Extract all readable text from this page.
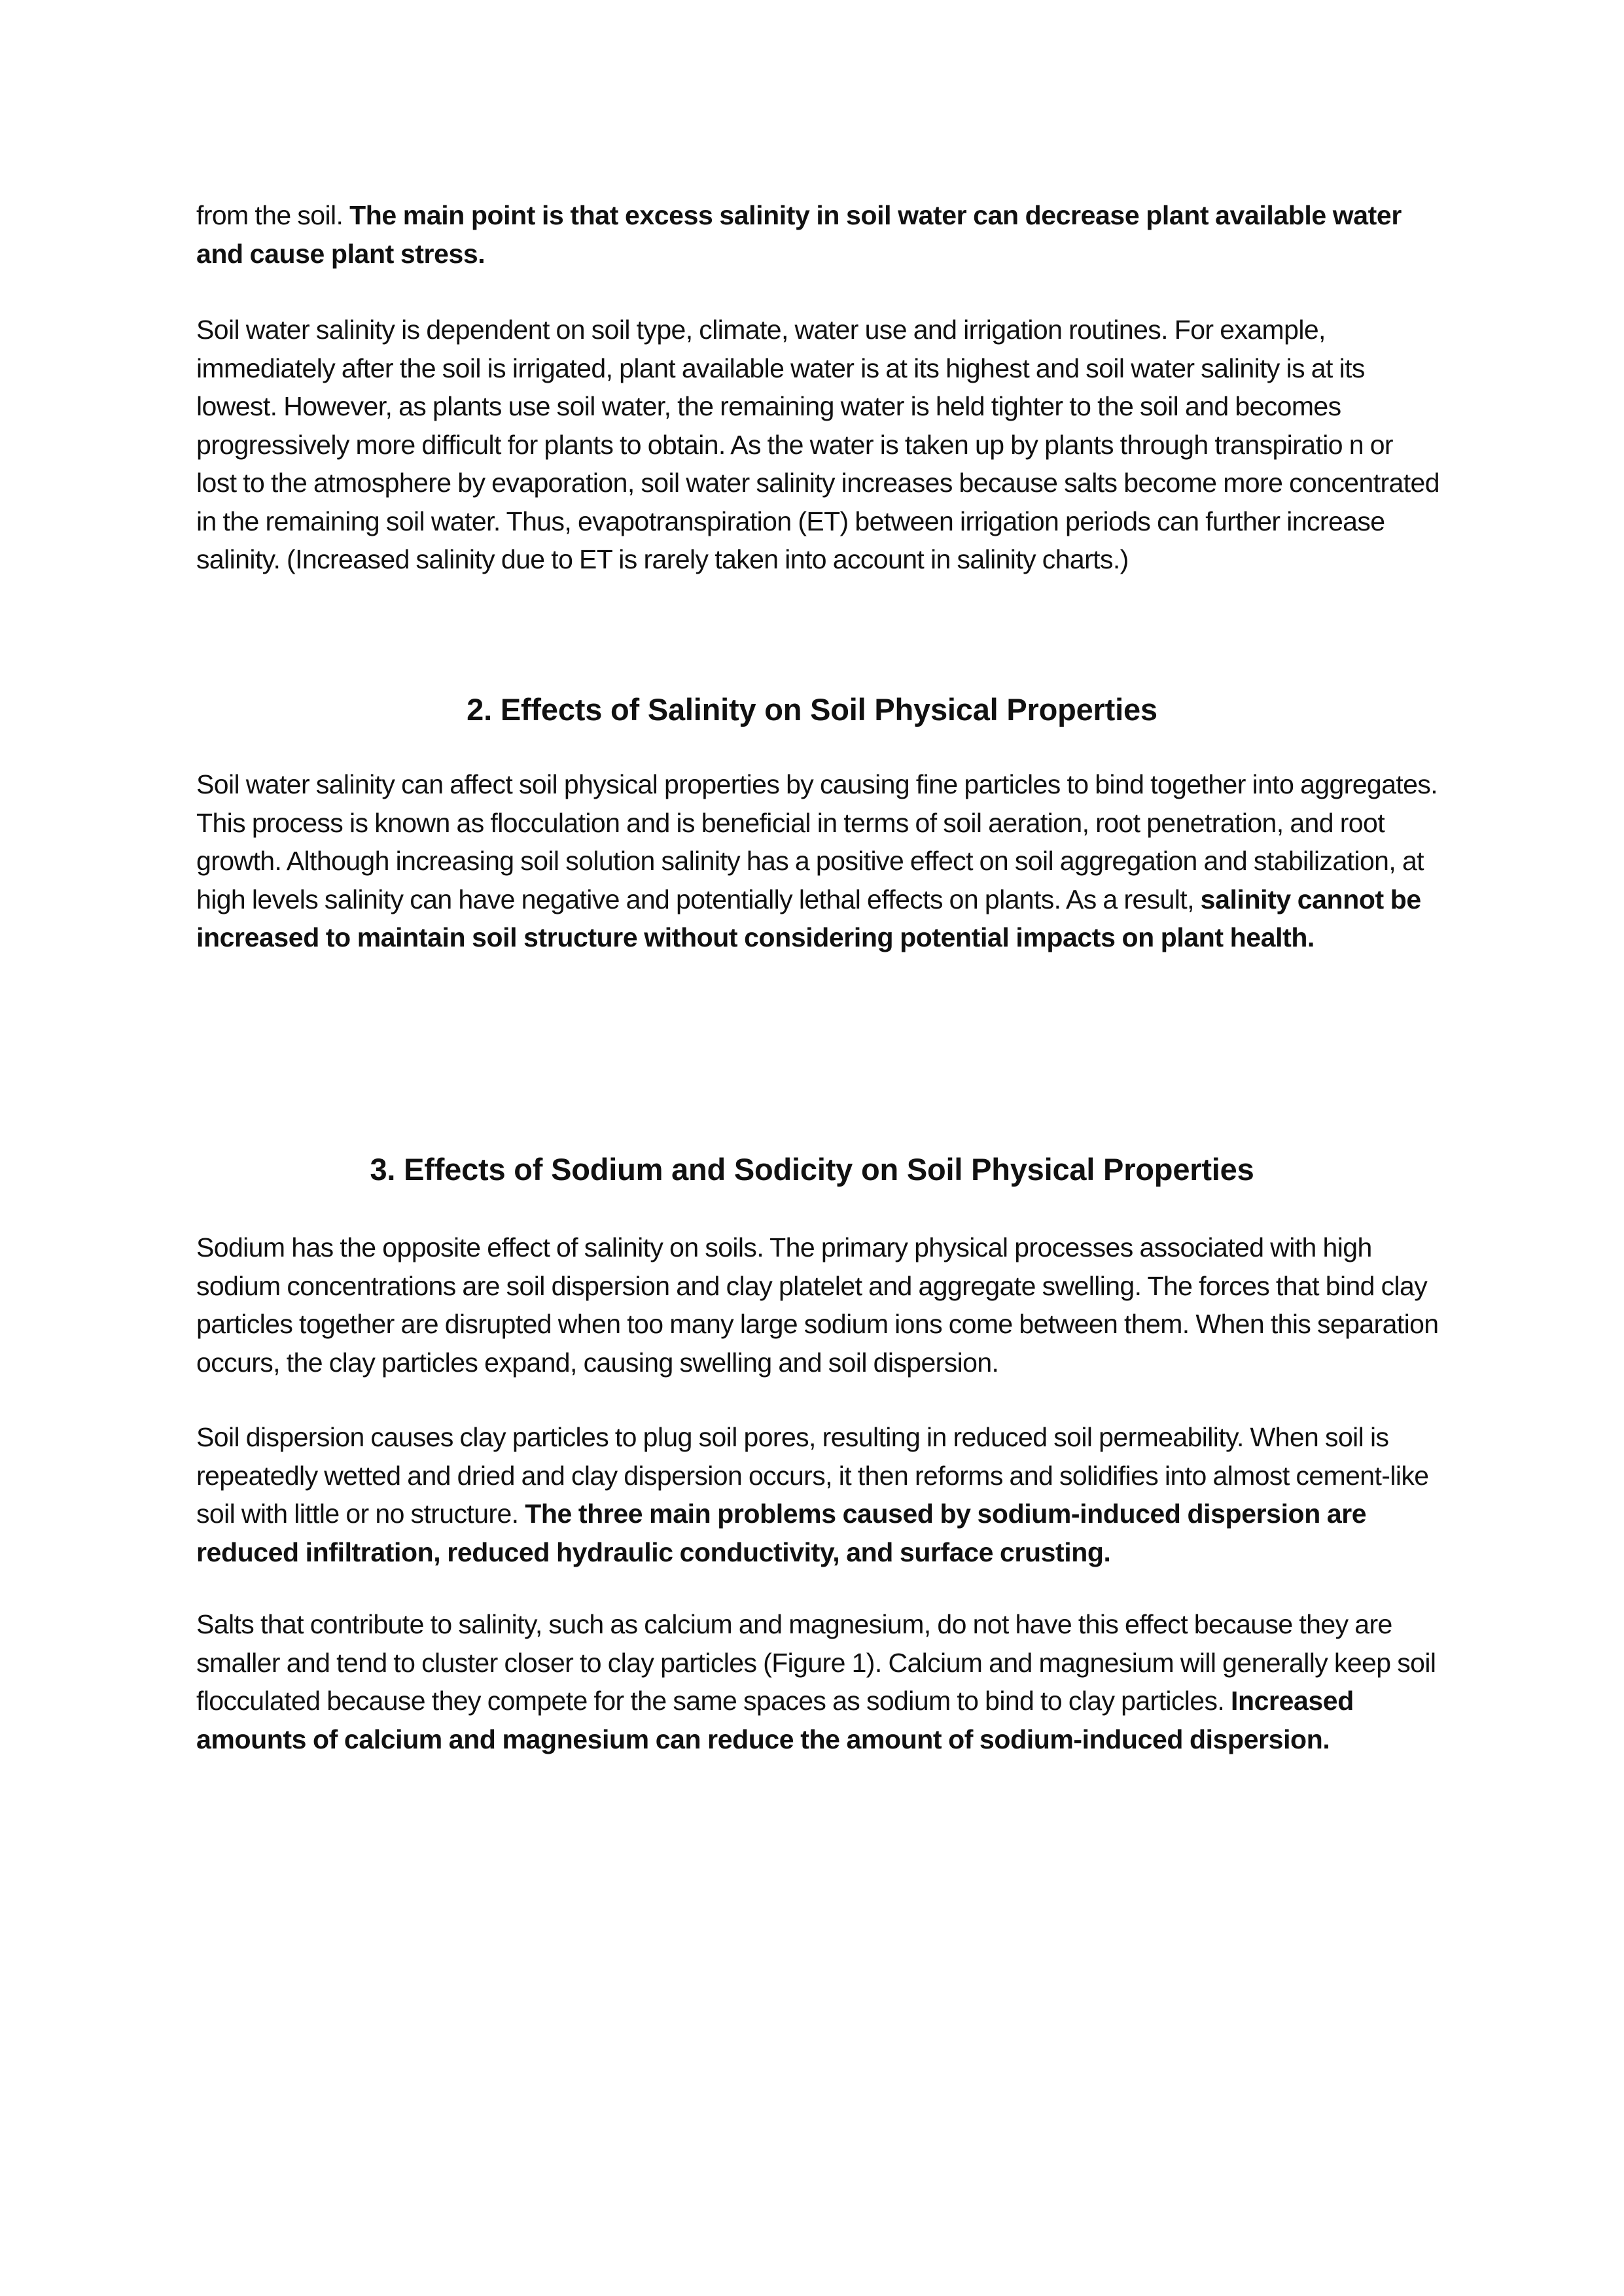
from the soil. The main point is that excess salinity in soil water can decrease plant available water and cause plant stress.

Soil water salinity is dependent on soil type, climate, water use and irrigation routines. For example, immediately after the soil is irrigated, plant available water is at its highest and soil water salinity is at its lowest. However, as plants use soil water, the remaining water is held tighter to the soil and becomes progressively more difficult for plants to obtain. As the water is taken up by plants through transpiratio n or lost to the atmosphere by evaporation, soil water salinity increases because salts become more concentrated in the remaining soil water. Thus, evapotranspiration (ET) between irrigation periods can further increase salinity. (Increased salinity due to ET is rarely taken into account in salinity charts.)

2. Effects of Salinity on Soil Physical Properties

Soil water salinity can affect soil physical properties by causing fine particles to bind together into aggregates. This process is known as flocculation and is beneficial in terms of soil aeration, root penetration, and root growth. Although increasing soil solution salinity has a positive effect on soil aggregation and stabilization, at high levels salinity can have negative and potentially lethal effects on plants. As a result, salinity cannot be increased to maintain soil structure without considering potential impacts on plant health.

3. Effects of Sodium and Sodicity on Soil Physical Properties

Sodium has the opposite effect of salinity on soils. The primary physical processes associated with high sodium concentrations are soil dispersion and clay platelet and aggregate swelling. The forces that bind clay particles together are disrupted when too many large sodium ions come between them. When this separation occurs, the clay particles expand, causing swelling and soil dispersion.

Soil dispersion causes clay particles to plug soil pores, resulting in reduced soil permeability. When soil is repeatedly wetted and dried and clay dispersion occurs, it then reforms and solidifies into almost cement-like soil with little or no structure. The three main problems caused by sodium-induced dispersion are reduced infiltration, reduced hydraulic conductivity, and surface crusting.

Salts that contribute to salinity, such as calcium and magnesium, do not have this effect because they are smaller and tend to cluster closer to clay particles (Figure 1). Calcium and magnesium will generally keep soil flocculated because they compete for the same spaces as sodium to bind to clay particles. Increased amounts of calcium and magnesium can reduce the amount of sodium-induced dispersion.
